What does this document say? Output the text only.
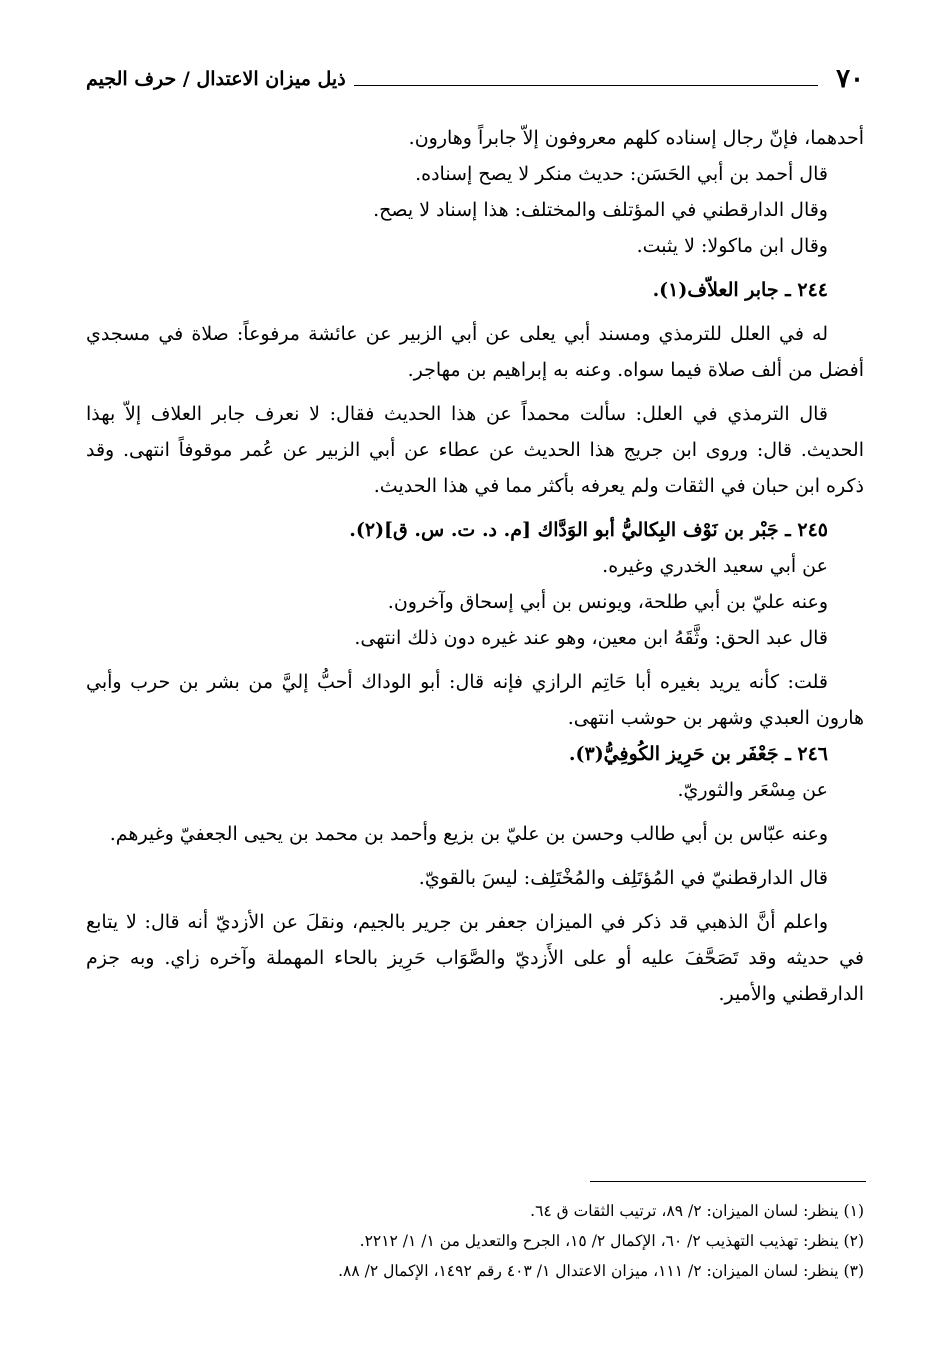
٧٠
ذيل ميزان الاعتدال / حرف الجيم

أحدهما، فإنّ رجال إسناده كلهم معروفون إلاّ جابراً وهارون.

قال أحمد بن أبي الحَسَن: حديث منكر لا يصح إسناده.

وقال الدارقطني في المؤتلف والمختلف: هذا إسناد لا يصح.

وقال ابن ماكولا: لا يثبت.

٢٤٤ ـ جابر العلاّف(١).

له في العلل للترمذي ومسند أبي يعلى عن أبي الزبير عن عائشة مرفوعاً: صلاة في مسجدي أفضل من ألف صلاة فيما سواه. وعنه به إبراهيم بن مهاجر.

قال الترمذي في العلل: سألت محمداً عن هذا الحديث فقال: لا نعرف جابر العلاف إلاّ بهذا الحديث. قال: وروى ابن جريج هذا الحديث عن عطاء عن أبي الزبير عن عُمر موقوفاً انتهى. وقد ذكره ابن حبان في الثقات ولم يعرفه بأكثر مما في هذا الحديث.

٢٤٥ ـ جَبْر بن نَوْف البِكاليُّ أبو الوَدَّاك [م. د. ت. س. ق](٢).

عن أبي سعيد الخدري وغيره.

وعنه عليّ بن أبي طلحة، ويونس بن أبي إسحاق وآخرون.

قال عبد الحق: وثَّقَهُ ابن معين، وهو عند غيره دون ذلك انتهى.

قلت: كأنه يريد بغيره أبا حَاتِم الرازي فإنه قال: أبو الوداك أحبُّ إليَّ من بشر بن حرب وأبي هارون العبدي وشهر بن حوشب انتهى.

٢٤٦ ـ جَعْفَر بن حَرِيز الكُوفِيُّ(٣).

عن مِسْعَر والثوريّ.

وعنه عبّاس بن أبي طالب وحسن بن عليّ بن بزيع وأحمد بن محمد بن يحيى الجعفيّ وغيرهم.

قال الدارقطنيّ في المُؤتَلِف والمُخْتَلِف: ليسَ بالقويّ.

واعلم أنَّ الذهبي قد ذكر في الميزان جعفر بن جرير بالجيم، ونقلَ عن الأزديّ أنه قال: لا يتابع في حديثه وقد تَصَحَّفَ عليه أو على الأَزديّ والصَّوَاب حَرِيز بالحاء المهملة وآخره زاي. وبه جزم الدارقطني والأمير.

(١) ينظر: لسان الميزان: ٢/ ٨٩، ترتيب الثقات ق ٦٤.

(٢) ينظر: تهذيب التهذيب ٢/ ٦٠، الإكمال ٢/ ١٥، الجرح والتعديل من ١/ ١/ ٢٢١٢.

(٣) ينظر: لسان الميزان: ٢/ ١١١، ميزان الاعتدال ١/ ٤٠٣ رقم ١٤٩٢، الإكمال ٢/ ٨٨.
